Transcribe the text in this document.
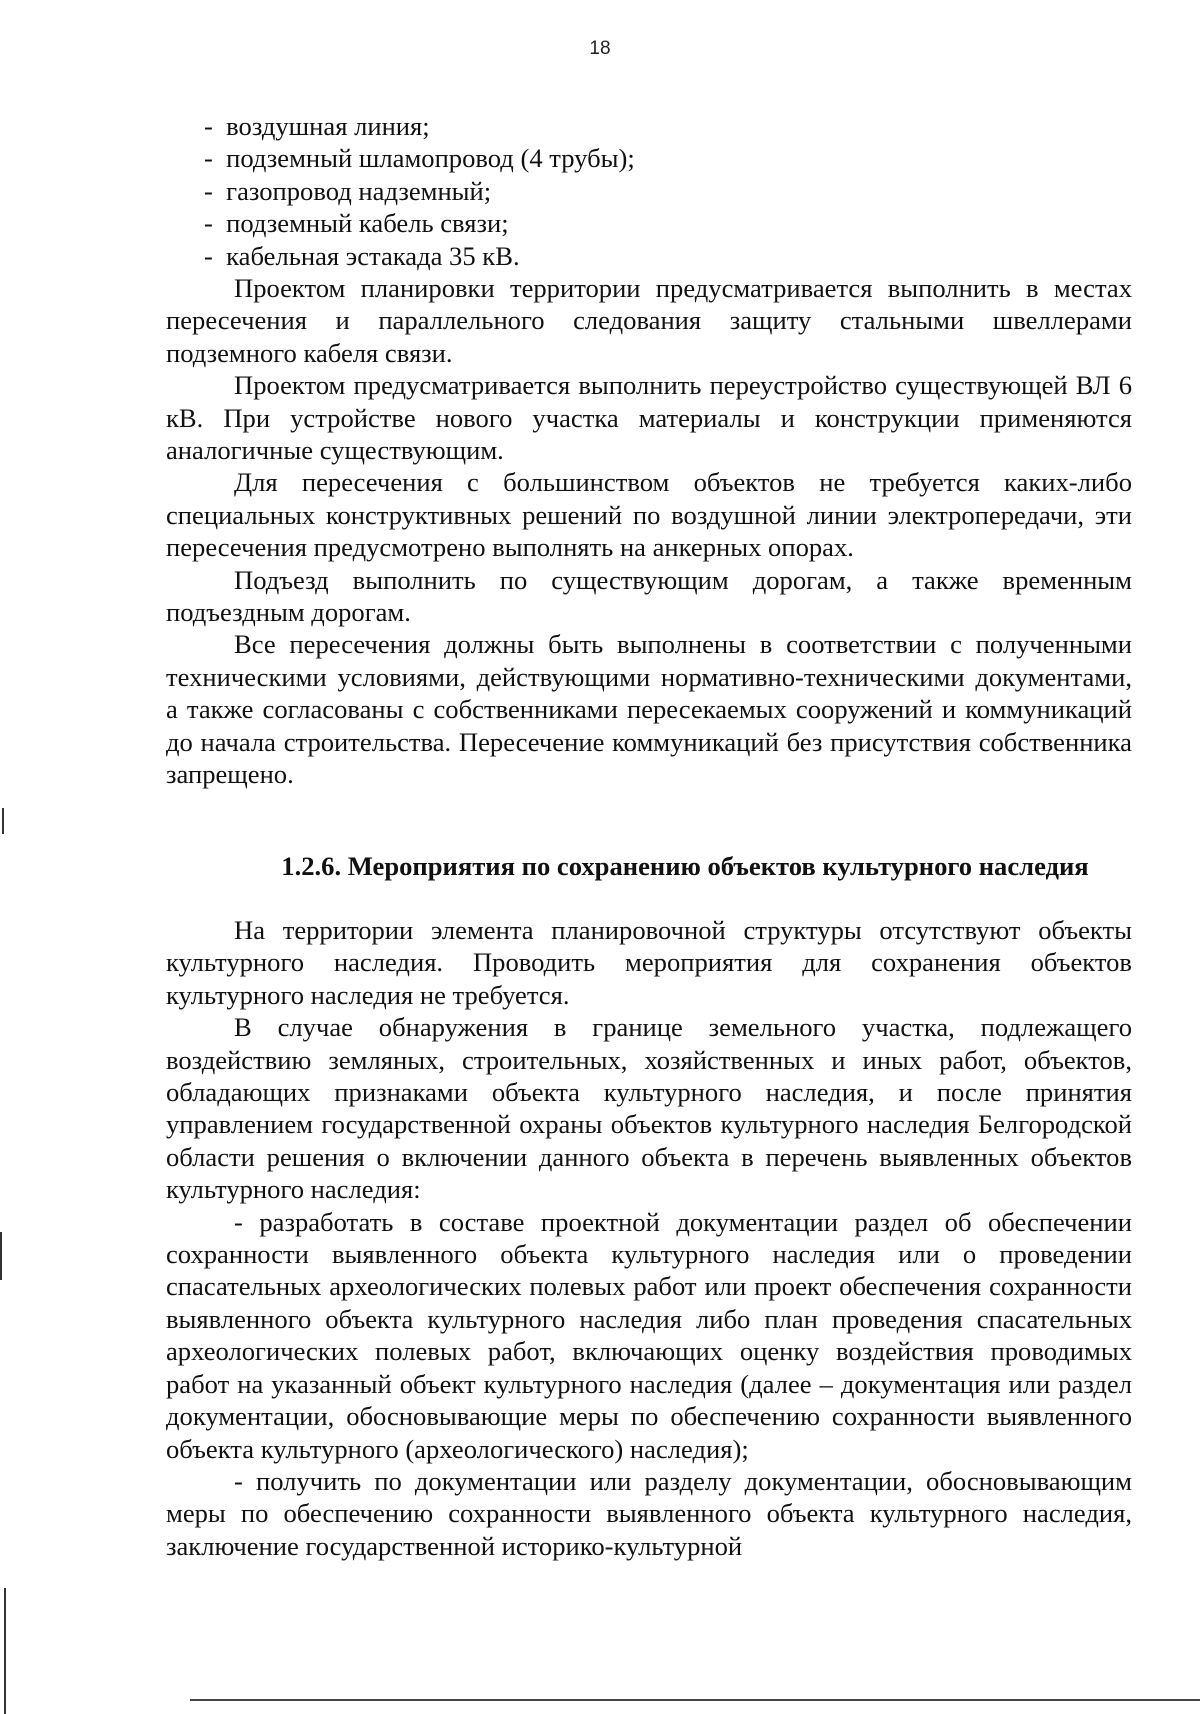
18

-  воздушная линия;

-  подземный шламопровод (4 трубы);

-  газопровод надземный;

-  подземный кабель связи;

-  кабельная эстакада 35 кВ.

Проектом планировки территории предусматривается выполнить в местах пересечения и параллельного следования защиту стальными швеллерами подземного кабеля связи.

Проектом предусматривается выполнить переустройство существующей ВЛ 6 кВ. При устройстве нового участка материалы и конструкции применяются аналогичные существующим.

Для пересечения с большинством объектов не требуется каких-либо специальных конструктивных решений по воздушной линии электропередачи, эти пересечения предусмотрено выполнять на анкерных опорах.

Подъезд выполнить по существующим дорогам, а также временным подъездным дорогам.

Все пересечения должны быть выполнены в соответствии с полученными техническими условиями, действующими нормативно-техническими документами, а также согласованы с собственниками пересекаемых сооружений и коммуникаций до начала строительства. Пересечение коммуникаций без присутствия собственника запрещено.

1.2.6. Мероприятия по сохранению объектов культурного наследия

На территории элемента планировочной структуры отсутствуют объекты культурного наследия. Проводить мероприятия для сохранения объектов культурного наследия не требуется.

В случае обнаружения в границе земельного участка, подлежащего воздействию земляных, строительных, хозяйственных и иных работ, объектов, обладающих признаками объекта культурного наследия, и после принятия управлением государственной охраны объектов культурного наследия Белгородской области решения о включении данного объекта в перечень выявленных объектов культурного наследия:

- разработать в составе проектной документации раздел об обеспечении сохранности выявленного объекта культурного наследия или о проведении спасательных археологических полевых работ или проект обеспечения сохранности выявленного объекта культурного наследия либо план проведения спасательных археологических полевых работ, включающих оценку воздействия проводимых работ на указанный объект культурного наследия (далее – документация или раздел документации, обосновывающие меры по обеспечению сохранности выявленного объекта культурного (археологического) наследия);

- получить по документации или разделу документации, обосновывающим меры по обеспечению сохранности выявленного объекта культурного наследия, заключение государственной историко-культурной
